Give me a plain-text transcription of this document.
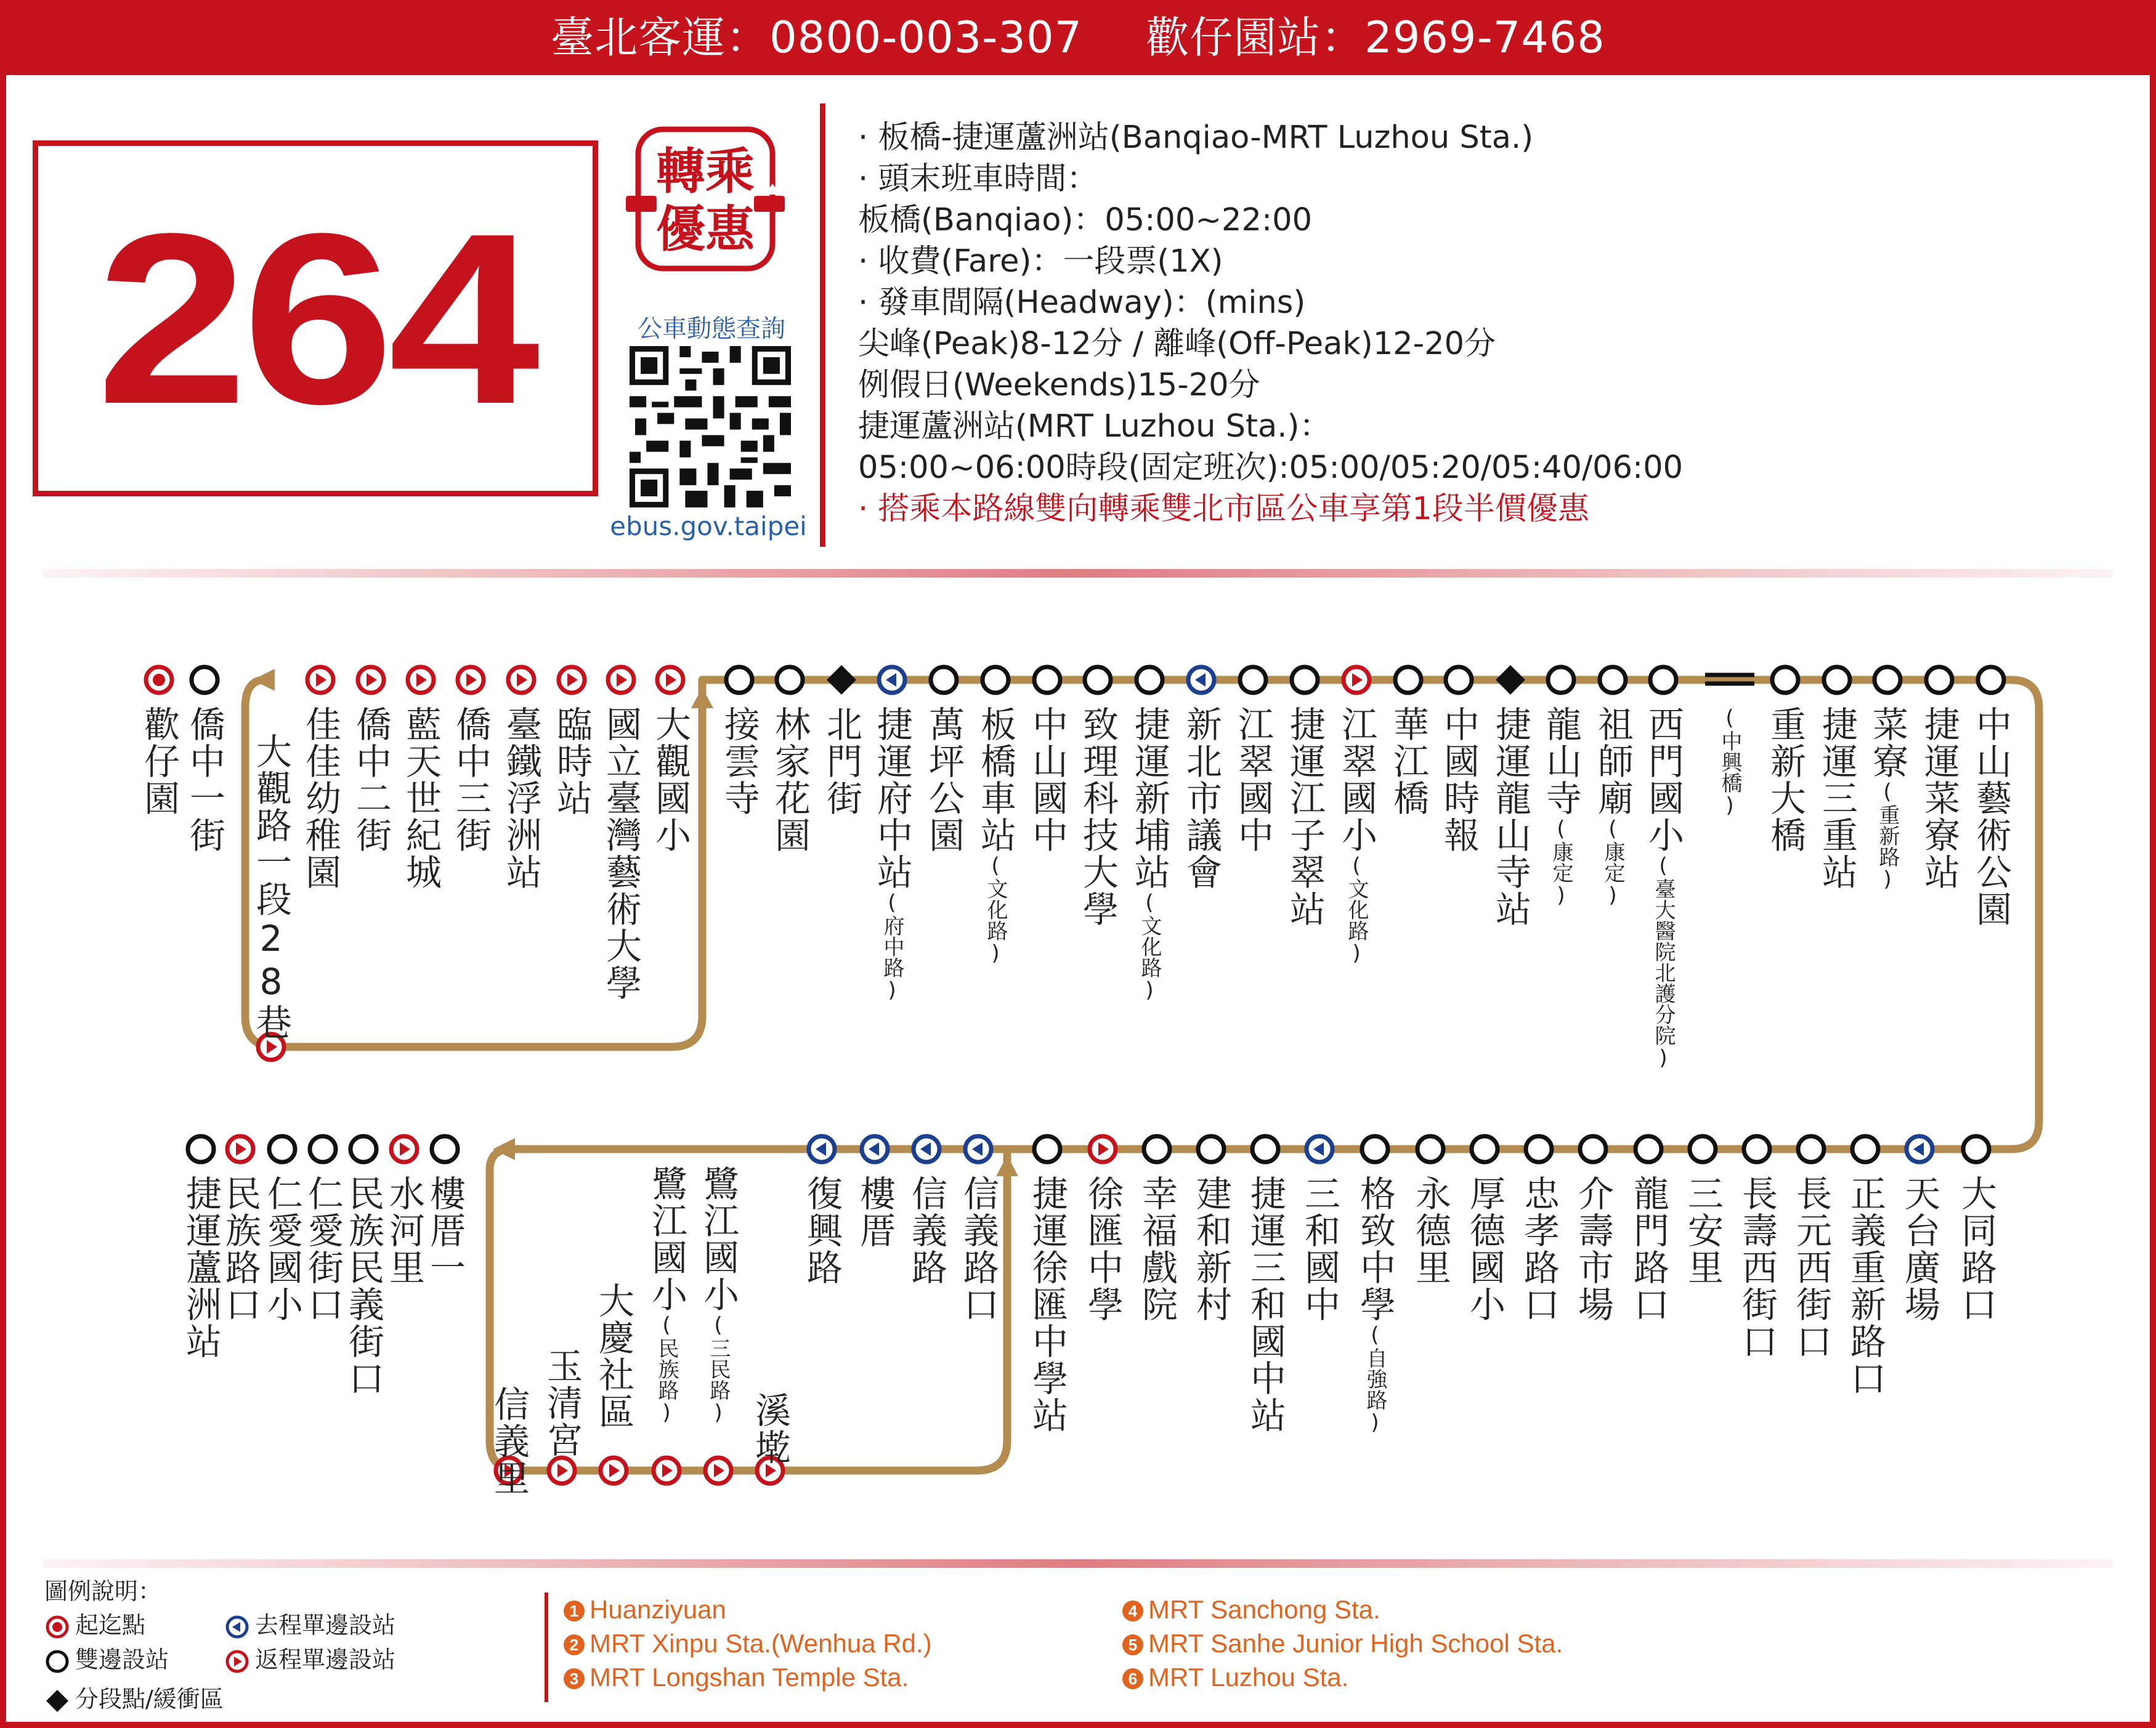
臺北客運：0800-003-307 歡仔園站：2969-7468
264
轉乘
優惠
公車動態查詢
ebus.gov.taipei
· 板橋-捷運蘆洲站(Banqiao-MRT Luzhou Sta.)
· 頭末班車時間：
板橋(Banqiao)：05:00~22:00
· 收費(Fare)：一段票(1X)
· 發車間隔(Headway)：(mins)
尖峰(Peak)8-12分 / 離峰(Off-Peak)12-20分
例假日(Weekends)15-20分
捷運蘆洲站(MRT Luzhou Sta.)：
05:00~06:00時段(固定班次):05:00/05:20/05:40/06:00
· 搭乘本路線雙向轉乘雙北市區公車享第1段半價優惠
歡仔園 僑中一街 大觀路一段28巷 佳佳幼稚園 僑中二街 藍天世紀城 僑中三街 臺鐵浮洲站 臨時站 國立臺灣藝術大學 大觀國小 接雲寺 林家花園 北門街 捷運府中站(府中路)
萬坪公園 板橋車站(文化路)
中山國中 致理科技大學 捷運新埔站(文化路)
新北市議會 江翠國中 捷運江子翠站 江翠國小(文化路)
華江橋 中國時報 捷運龍山寺站 龍山寺(康定)
祖師廟(康定)
西門國小(臺大醫院北護分院)
(中興橋) 重新大橋 捷運三重站 菜寮(重新路) 捷運菜寮站 中山藝術公園
捷運蘆洲站
民族路口 仁愛國小
仁愛街口
民族民義街口
水河里
樓厝一
信義里 玉清宮 大慶社區
鷺江國小(民族路)
鷺江國小(三民路)
溪墘
復興路 樓厝 信義路 信義路口 捷運徐匯中學站 徐匯中學 幸福戲院 建和新村 捷運三和國中站 三和國中 格致中學(自強路)
永德里 厚德國小 忠孝路口 介壽市場 龍門路口 三安里 長壽西街口 長元西街口 正義重新路口 天台廣場 大同路口
圖例說明：
起迄點
雙邊設站
分段點/緩衝區
去程單邊設站
返程單邊設站
1 Huanziyuan
2 MRT Xinpu Sta.(Wenhua Rd.)
3 MRT Longshan Temple Sta.
4 MRT Sanchong Sta.
5 MRT Sanhe Junior High School Sta.
6 MRT Luzhou Sta.
